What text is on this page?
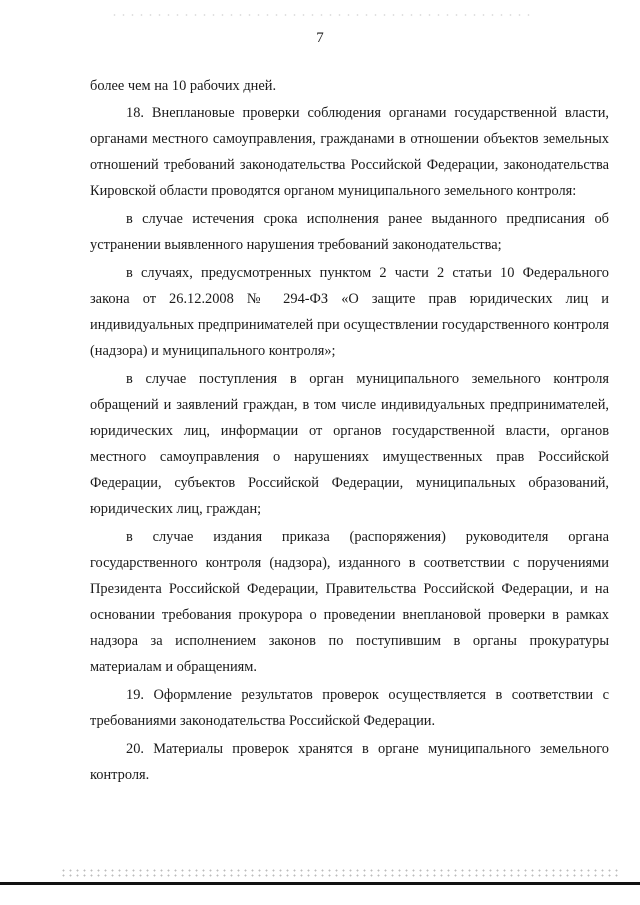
7

более чем на 10 рабочих дней.

18. Внеплановые проверки соблюдения органами государственной власти, органами местного самоуправления, гражданами в отношении объектов земельных отношений требований законодательства Российской Федерации, законодательства Кировской области проводятся органом муниципального земельного контроля:

в случае истечения срока исполнения ранее выданного предписания об устранении выявленного нарушения требований законодательства;

в случаях, предусмотренных пунктом 2 части 2 статьи 10 Федерального закона от 26.12.2008 № 294-ФЗ «О защите прав юридических лиц и индивидуальных предпринимателей при осуществлении государственного контроля (надзора) и муниципального контроля»;

в случае поступления в орган муниципального земельного контроля обращений и заявлений граждан, в том числе индивидуальных предпринимателей, юридических лиц, информации от органов государственной власти, органов местного самоуправления о нарушениях имущественных прав Российской Федерации, субъектов Российской Федерации, муниципальных образований, юридических лиц, граждан;

в случае издания приказа (распоряжения) руководителя органа государственного контроля (надзора), изданного в соответствии с поручениями Президента Российской Федерации, Правительства Российской Федерации, и на основании требования прокурора о проведении внеплановой проверки в рамках надзора за исполнением законов по поступившим в органы прокуратуры материалам и обращениям.

19. Оформление результатов проверок осуществляется в соответствии с требованиями законодательства Российской Федерации.

20. Материалы проверок хранятся в органе муниципального земельного контроля.
